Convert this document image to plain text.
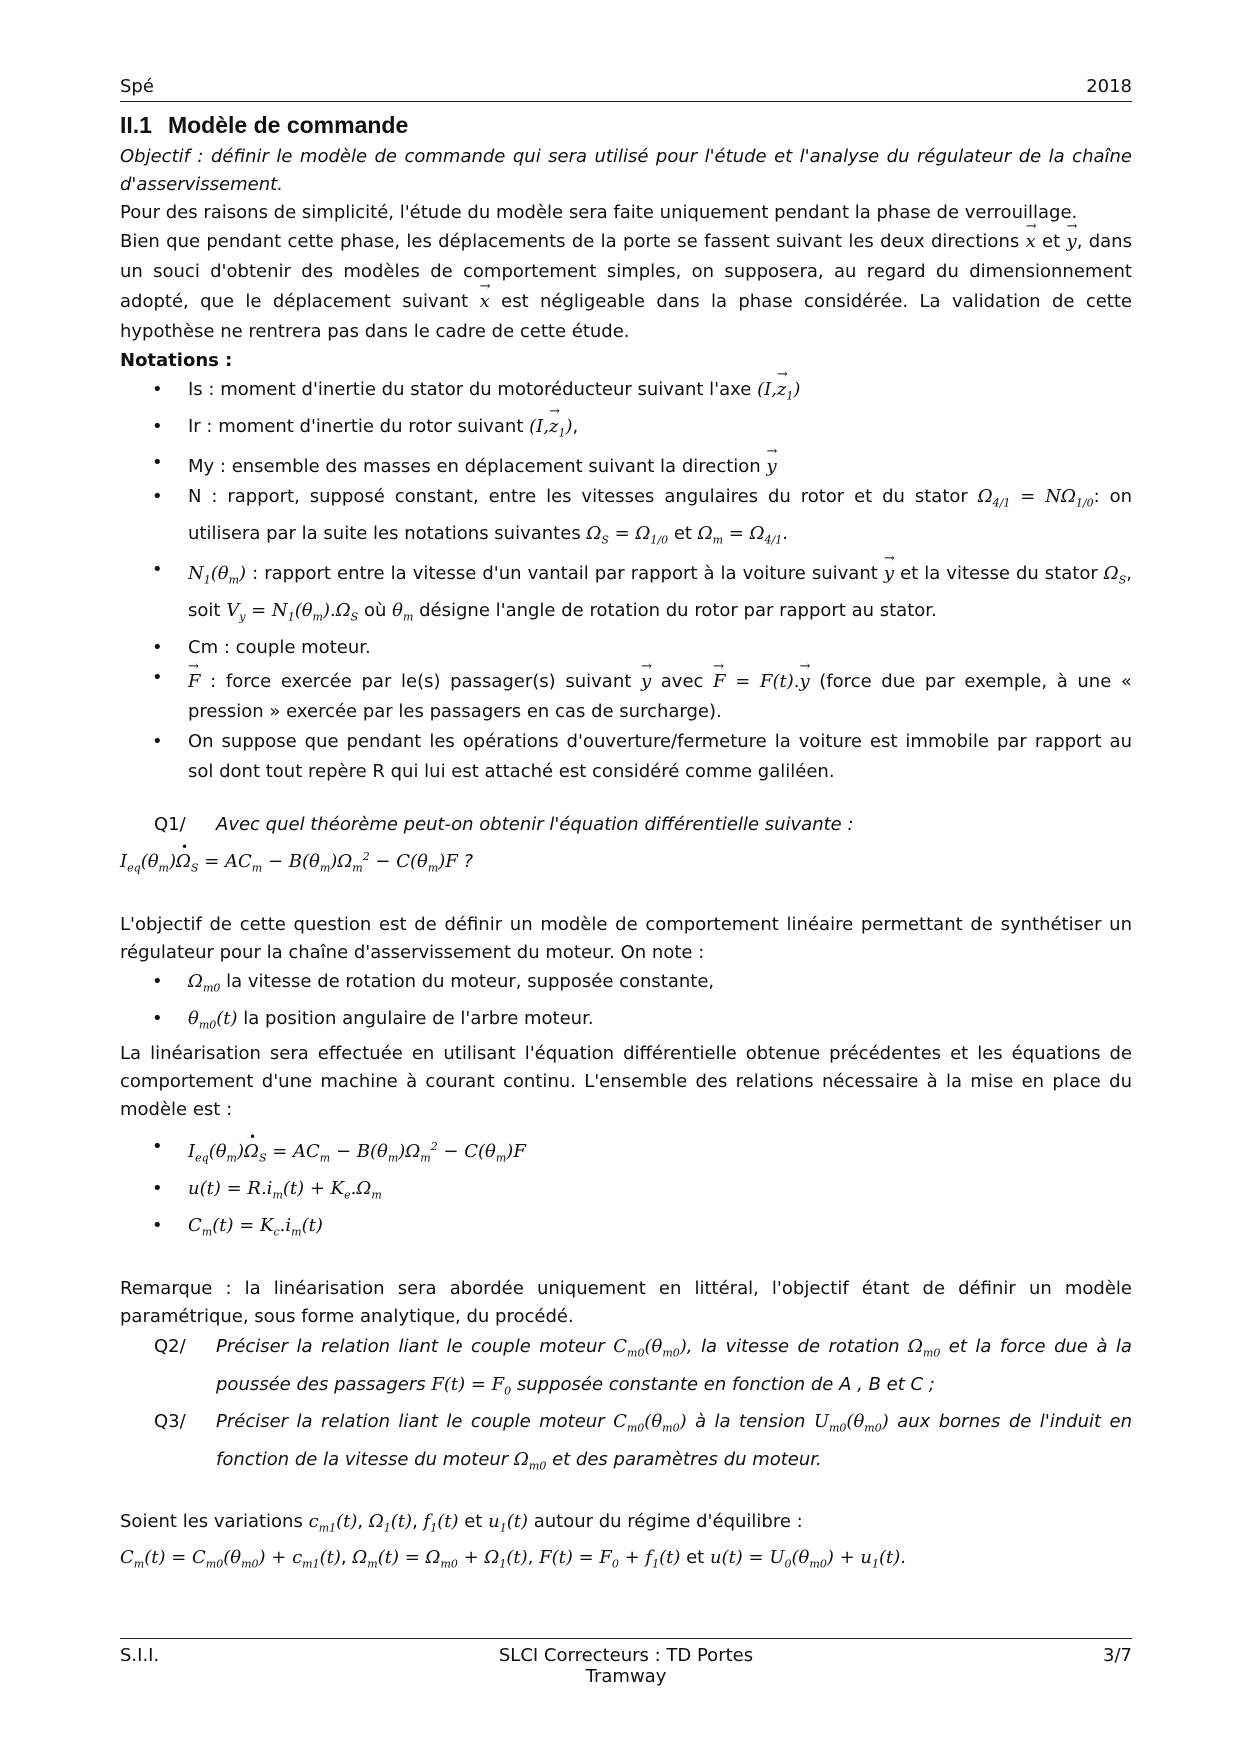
Spé	2018
II.1 Modèle de commande

Objectif : définir le modèle de commande qui sera utilisé pour l'étude et l'analyse du régulateur de la chaîne d'asservissement.

Pour des raisons de simplicité, l'étude du modèle sera faite uniquement pendant la phase de verrouillage.

Bien que pendant cette phase, les déplacements de la porte se fassent suivant les deux directions → x et → y, dans un souci d'obtenir des modèles de comportement simples, on supposera, au regard du dimensionnement adopté, que le déplacement suivant → x est négligeable dans la phase considérée. La validation de cette hypothèse ne rentrera pas dans le cadre de cette étude.

Notations :

• Is : moment d'inertie du stator du motoréducteur suivant l'axe $(I,\to z_1)$
• Ir : moment d'inertie du rotor suivant $(I,\to z_1)$,
• My : ensemble des masses en déplacement suivant la direction → y
• N : rapport, supposé constant, entre les vitesses angulaires du rotor et du stator $\Omega_{4/1} = N\Omega_{1/0}$: on utilisera par la suite les notations suivantes $\Omega_S = \Omega_{1/0}$ et $\Omega_m = \Omega_{4/1}$.
• $N_1(\theta_m)$ : rapport entre la vitesse d'un vantail par rapport à la voiture suivant → y et la vitesse du stator $\Omega_S$, soit $V_y = N_1(\theta_m).\Omega_S$ où $\theta_m$ désigne l'angle de rotation du rotor par rapport au stator.
• Cm : couple moteur.
• → F : force exercée par le(s) passager(s) suivant → y avec → F = F(t).→ y (force due par exemple, à une « pression » exercée par les passagers en cas de surcharge).
• On suppose que pendant les opérations d'ouverture/fermeture la voiture est immobile par rapport au sol dont tout repère R qui lui est attaché est considéré comme galiléen.
Q1/	Avec quel théorème peut-on obtenir l'équation différentielle suivante :

$I_{eq}(\theta_m)•$ $\Omega_S = AC_m - B(\theta_m)\Omega_m^2 - C(\theta_m)F$ ?

L'objectif de cette question est de définir un modèle de comportement linéaire permettant de synthétiser un régulateur pour la chaîne d'asservissement du moteur. On note :

• $\Omega_{m0}$ la vitesse de rotation du moteur, supposée constante,
• $\theta_{m0}(t)$ la position angulaire de l'arbre moteur.

La linéarisation sera effectuée en utilisant l'équation différentielle obtenue précédentes et les équations de comportement d'une machine à courant continu. L'ensemble des relations nécessaire à la mise en place du modèle est :

• $I_{eq}(\theta_m)•$ $\Omega_S = AC_m - B(\theta_m)\Omega_m^2 - C(\theta_m)F$
• $u(t) = R.i_m(t) + K_e.\Omega_m$
• $C_m(t) = K_c.i_m(t)$

Remarque : la linéarisation sera abordée uniquement en littéral, l'objectif étant de définir un modèle paramétrique, sous forme analytique, du procédé.

Q2/	Préciser la relation liant le couple moteur $C_{m0}(\theta_{m0})$, la vitesse de rotation $\Omega_{m0}$ et la force due à la poussée des passagers $F(t) = F_0$ supposée constante en fonction de A , B et C ;
Q3/	Préciser la relation liant le couple moteur $C_{m0}(\theta_{m0})$ à la tension $U_{m0}(\theta_{m0})$ aux bornes de l'induit en fonction de la vitesse du moteur $\Omega_{m0}$ et des paramètres du moteur.

Soient les variations $c_{m1}(t)$, $\Omega_1(t)$, $f_1(t)$ et $u_1(t)$ autour du régime d'équilibre :

$C_m(t) = C_{m0}(\theta_{m0}) + c_{m1}(t)$, $\Omega_m(t) = \Omega_{m0} + \Omega_1(t)$, $F(t) = F_0 + f_1(t)$ et $u(t) = U_0(\theta_{m0}) + u_1(t)$.

S.I.I.	SLCI Correcteurs : TD Portes Tramway
3/7
